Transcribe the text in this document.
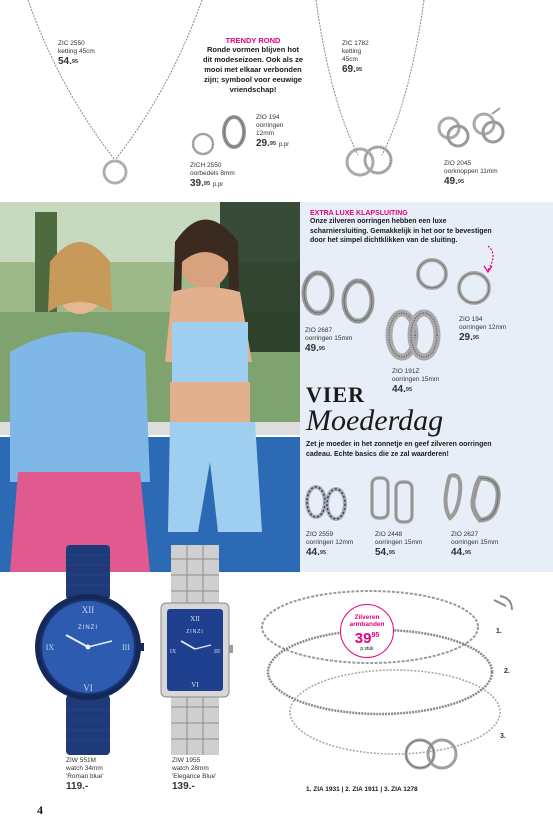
ZIC 2550
ketting 45cm
54.95
TRENDY ROND
Ronde vormen blijven hot
dit modeseizoen. Ook als ze
mooi met elkaar verbonden
zijn; symbool voor eeuwige
vriendschap!
ZIO 194
oorringen
12mm
29.95 p.pr
ZICH 2550
oorbedels 8mm
39.95 p.pr
ZIC 1782
ketting
45cm
69.95
ZIO 2045
oorknoppen 11mm
49.95
EXTRA LUXE KLAPSLUITING
Onze zilveren oorringen hebben een luxe
scharniersluiting. Gemakkelijk in het oor te bevestigen
door het simpel dichtklikken van de sluiting.
ZIO 2687
oorringen 15mm
49.95
ZIO 191Z
oorringen 15mm
44.95
ZIO 194
oorringen 12mm
29.95
VIER
Moederdag
Zet je moeder in het zonnetje en geef zilveren oorringen
cadeau. Echte basics die ze zal waarderen!
ZIO 2559
oorringen 12mm
44.95
ZIO 2448
oorringen 15mm
54.95
ZIO 2627
oorringen 15mm
44.95
XII
VI
IX	III
ZINZI
ZIW 551M
watch 34mm
'Roman blue'
119.-
XII
VI
IX	III
ZINZI
ZIW 1955
watch 28mm
'Elegance Blue'
139.-
Zilveren
armbanden
$39^{95}$
p.stuk
1.
2.
3.
1. ZIA 1931 | 2. ZIA 1911 | 3. ZIA 1278
4
